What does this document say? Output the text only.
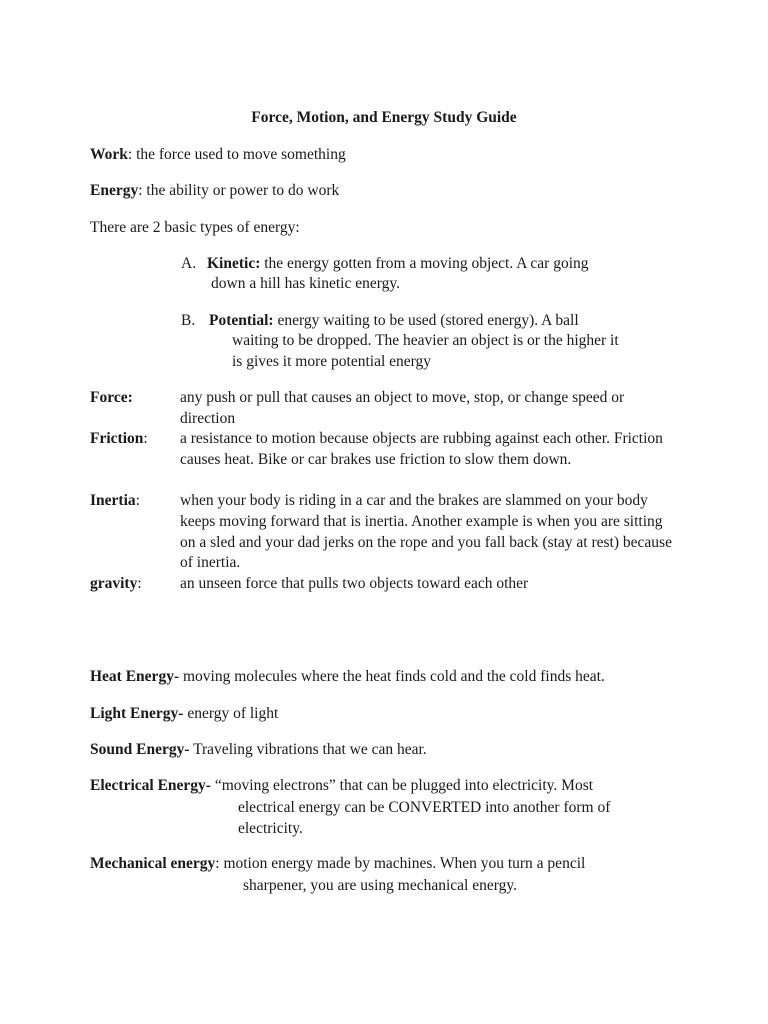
Force, Motion, and Energy Study Guide
Work: the force used to move something
Energy: the ability or power to do work
There are 2 basic types of energy:
A. Kinetic: the energy gotten from a moving object. A car going
down a hill has kinetic energy.
B. Potential: energy waiting to be used (stored energy). A ball
waiting to be dropped. The heavier an object is or the higher it
is gives it more potential energy
Force:	any push or pull that causes an object to move, stop, or change speed or direction
Friction: a resistance to motion because objects are rubbing against each other. Friction causes heat. Bike or car brakes use friction to slow them down.
Inertia:	when your body is riding in a car and the brakes are slammed on your body keeps moving forward that is inertia. Another example is when you are sitting on a sled and your dad jerks on the rope and you fall back (stay at rest) because of inertia.
gravity: an unseen force that pulls two objects toward each other
Heat Energy- moving molecules where the heat finds cold and the cold finds heat.
Light Energy- energy of light
Sound Energy- Traveling vibrations that we can hear.
Electrical Energy- “moving electrons” that can be plugged into electricity. Most
electrical energy can be CONVERTED into another form of
electricity.
Mechanical energy: motion energy made by machines. When you turn a pencil
sharpener, you are using mechanical energy.
